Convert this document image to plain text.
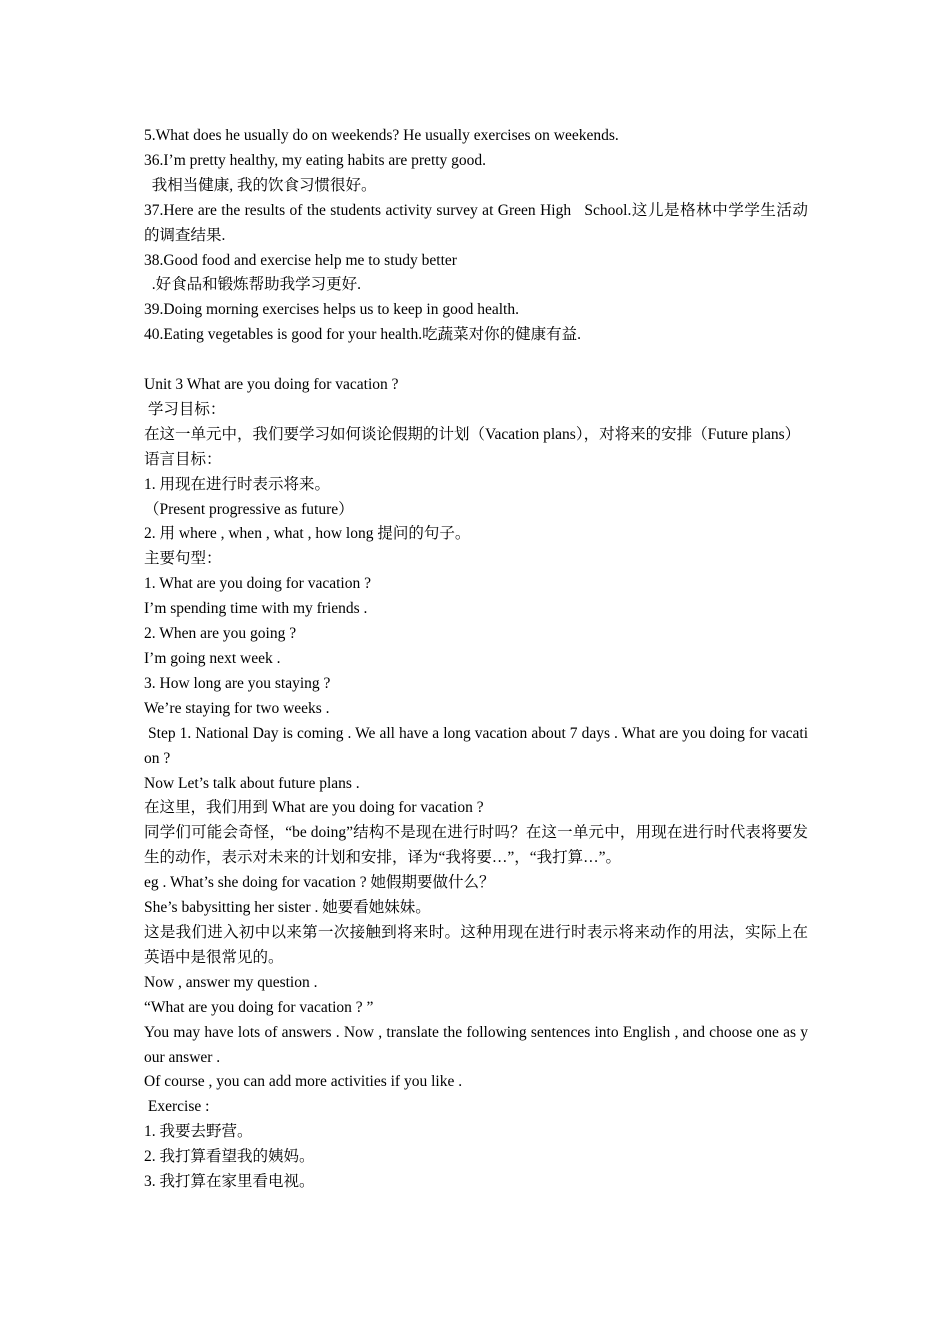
5.What does he usually do on weekends? He usually exercises on weekends.

36.I’m pretty healthy, my eating habits are pretty good.

我相当健康, 我的饮食习惯很好。

37.Here are the results of the students activity survey at Green High   School.这儿是格林中学学生活动的调查结果.

38.Good food and exercise help me to study better

.好食品和锻炼帮助我学习更好.

39.Doing morning exercises helps us to keep in good health.

40.Eating vegetables is good for your health.吃蔬菜对你的健康有益.

Unit 3 What are you doing for vacation ?

学习目标：

在这一单元中，我们要学习如何谈论假期的计划（Vacation plans），对将来的安排（Future plans）

语言目标：

1. 用现在进行时表示将来。

（Present progressive as future）

2. 用 where , when , what , how long 提问的句子。

主要句型：

1. What are you doing for vacation ?

I’m spending time with my friends .

2. When are you going ?

I’m going next week .

3. How long are you staying ?

We’re staying for two weeks .

Step 1. National Day is coming . We all have a long vacation about 7 days . What are you doing for vacation ?

Now Let’s talk about future plans .

在这里，我们用到 What are you doing for vacation ?

同学们可能会奇怪，“be doing”结构不是现在进行时吗？在这一单元中，用现在进行时代表将要发生的动作，表示对未来的计划和安排，译为“我将要…”，“我打算…”。

eg . What’s she doing for vacation ? 她假期要做什么？

She’s babysitting her sister . 她要看她妹妹。

这是我们进入初中以来第一次接触到将来时。这种用现在进行时表示将来动作的用法，实际上在英语中是很常见的。

Now , answer my question .

“What are you doing for vacation ? ”

You may have lots of answers . Now , translate the following sentences into English , and choose one as your answer .

Of course , you can add more activities if you like .

Exercise :

1. 我要去野营。

2. 我打算看望我的姨妈。

3. 我打算在家里看电视。
